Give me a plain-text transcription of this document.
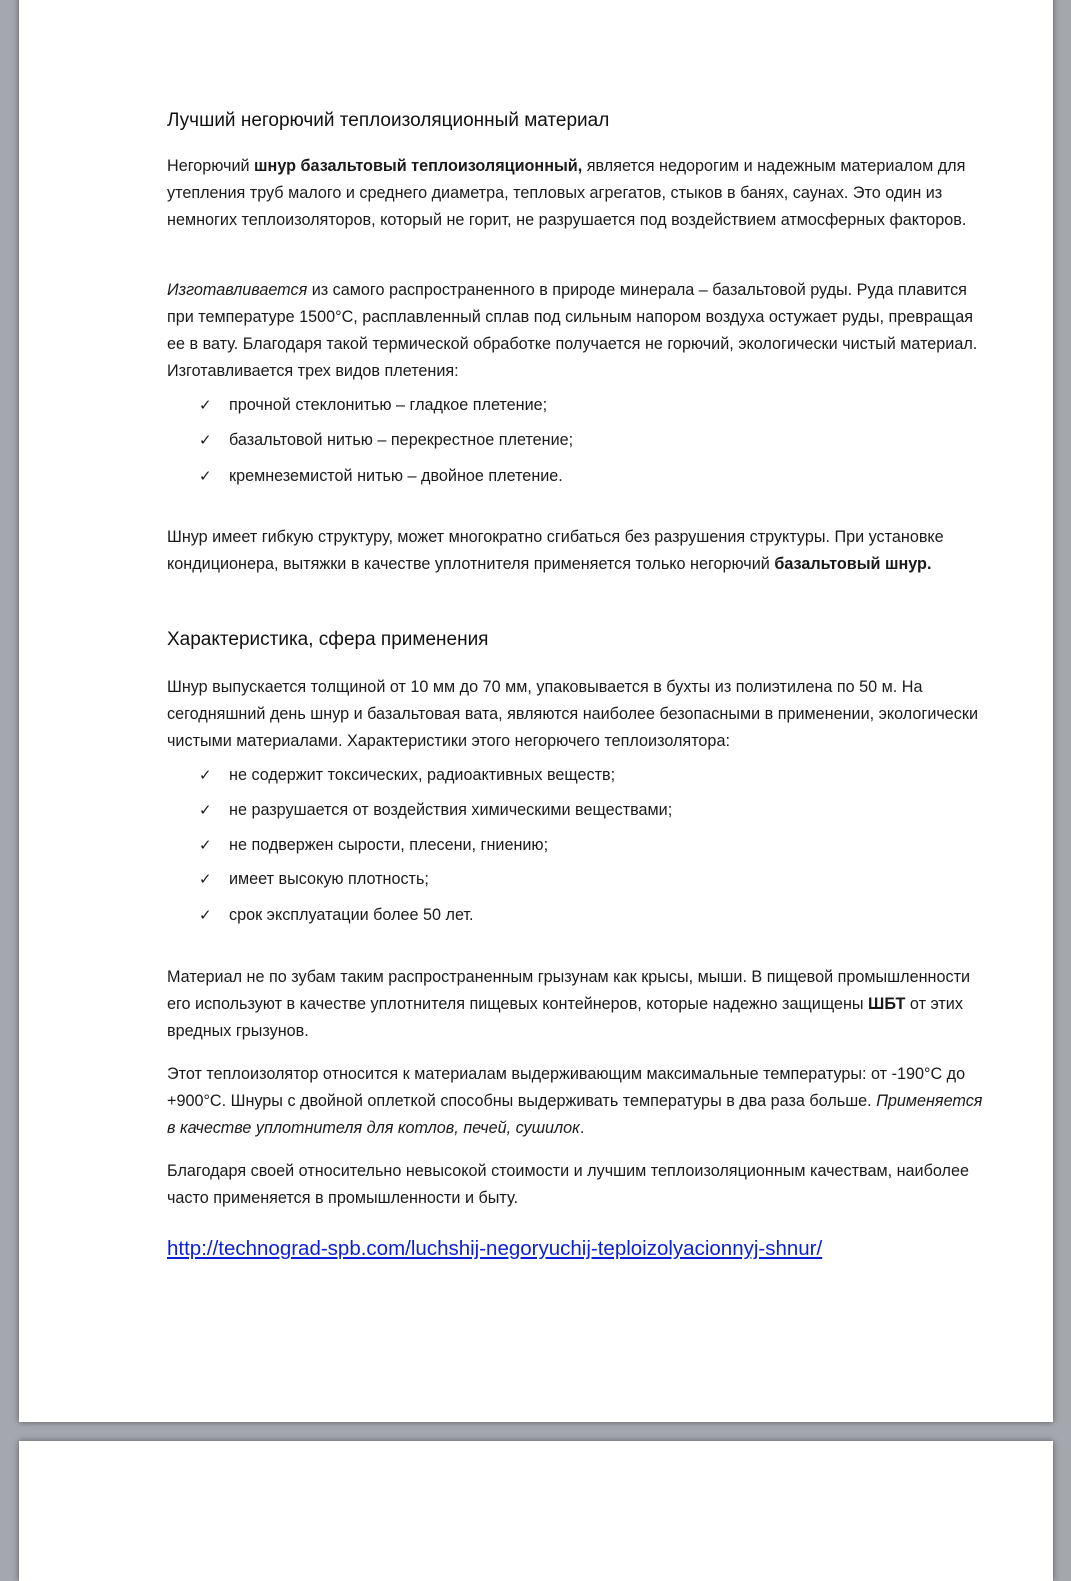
Лучший негорючий теплоизоляционный материал

Негорючий шнур базальтовый теплоизоляционный, является недорогим и надежным материалом для утепления труб малого и среднего диаметра, тепловых агрегатов, стыков в банях, саунах. Это один из немногих теплоизоляторов, который не горит, не разрушается под воздействием атмосферных факторов.

Изготавливается из самого распространенного в природе минерала – базальтовой руды. Руда плавится при температуре 1500°С, расплавленный сплав под сильным напором воздуха остужает руды, превращая ее в вату. Благодаря такой термической обработке получается не горючий, экологически чистый материал. Изготавливается трех видов плетения:

✓ прочной стеклонитью – гладкое плетение;
✓ базальтовой нитью – перекрестное плетение;
✓ кремнеземистой нитью – двойное плетение.

Шнур имеет гибкую структуру, может многократно сгибаться без разрушения структуры. При установке кондиционера, вытяжки в качестве уплотнителя применяется только негорючий базальтовый шнур.

Характеристика, сфера применения

Шнур выпускается толщиной от 10 мм до 70 мм, упаковывается в бухты из полиэтилена по 50 м. На сегодняшний день шнур и базальтовая вата, являются наиболее безопасными в применении, экологически чистыми материалами. Характеристики этого негорючего теплоизолятора:

✓ не содержит токсических, радиоактивных веществ;
✓ не разрушается от воздействия химическими веществами;
✓ не подвержен сырости, плесени, гниению;
✓ имеет высокую плотность;
✓ срок эксплуатации более 50 лет.

Материал не по зубам таким распространенным грызунам как крысы, мыши. В пищевой промышленности его используют в качестве уплотнителя пищевых контейнеров, которые надежно защищены ШБТ от этих вредных грызунов.

Этот теплоизолятор относится к материалам выдерживающим максимальные температуры: от -190°С до +900°С. Шнуры с двойной оплеткой способны выдерживать температуры в два раза больше. Применяется в качестве уплотнителя для котлов, печей, сушилок.

Благодаря своей относительно невысокой стоимости и лучшим теплоизоляционным качествам, наиболее часто применяется в промышленности и быту.

http://technograd-spb.com/luchshij-negoryuchij-teploizolyacionnyj-shnur/
